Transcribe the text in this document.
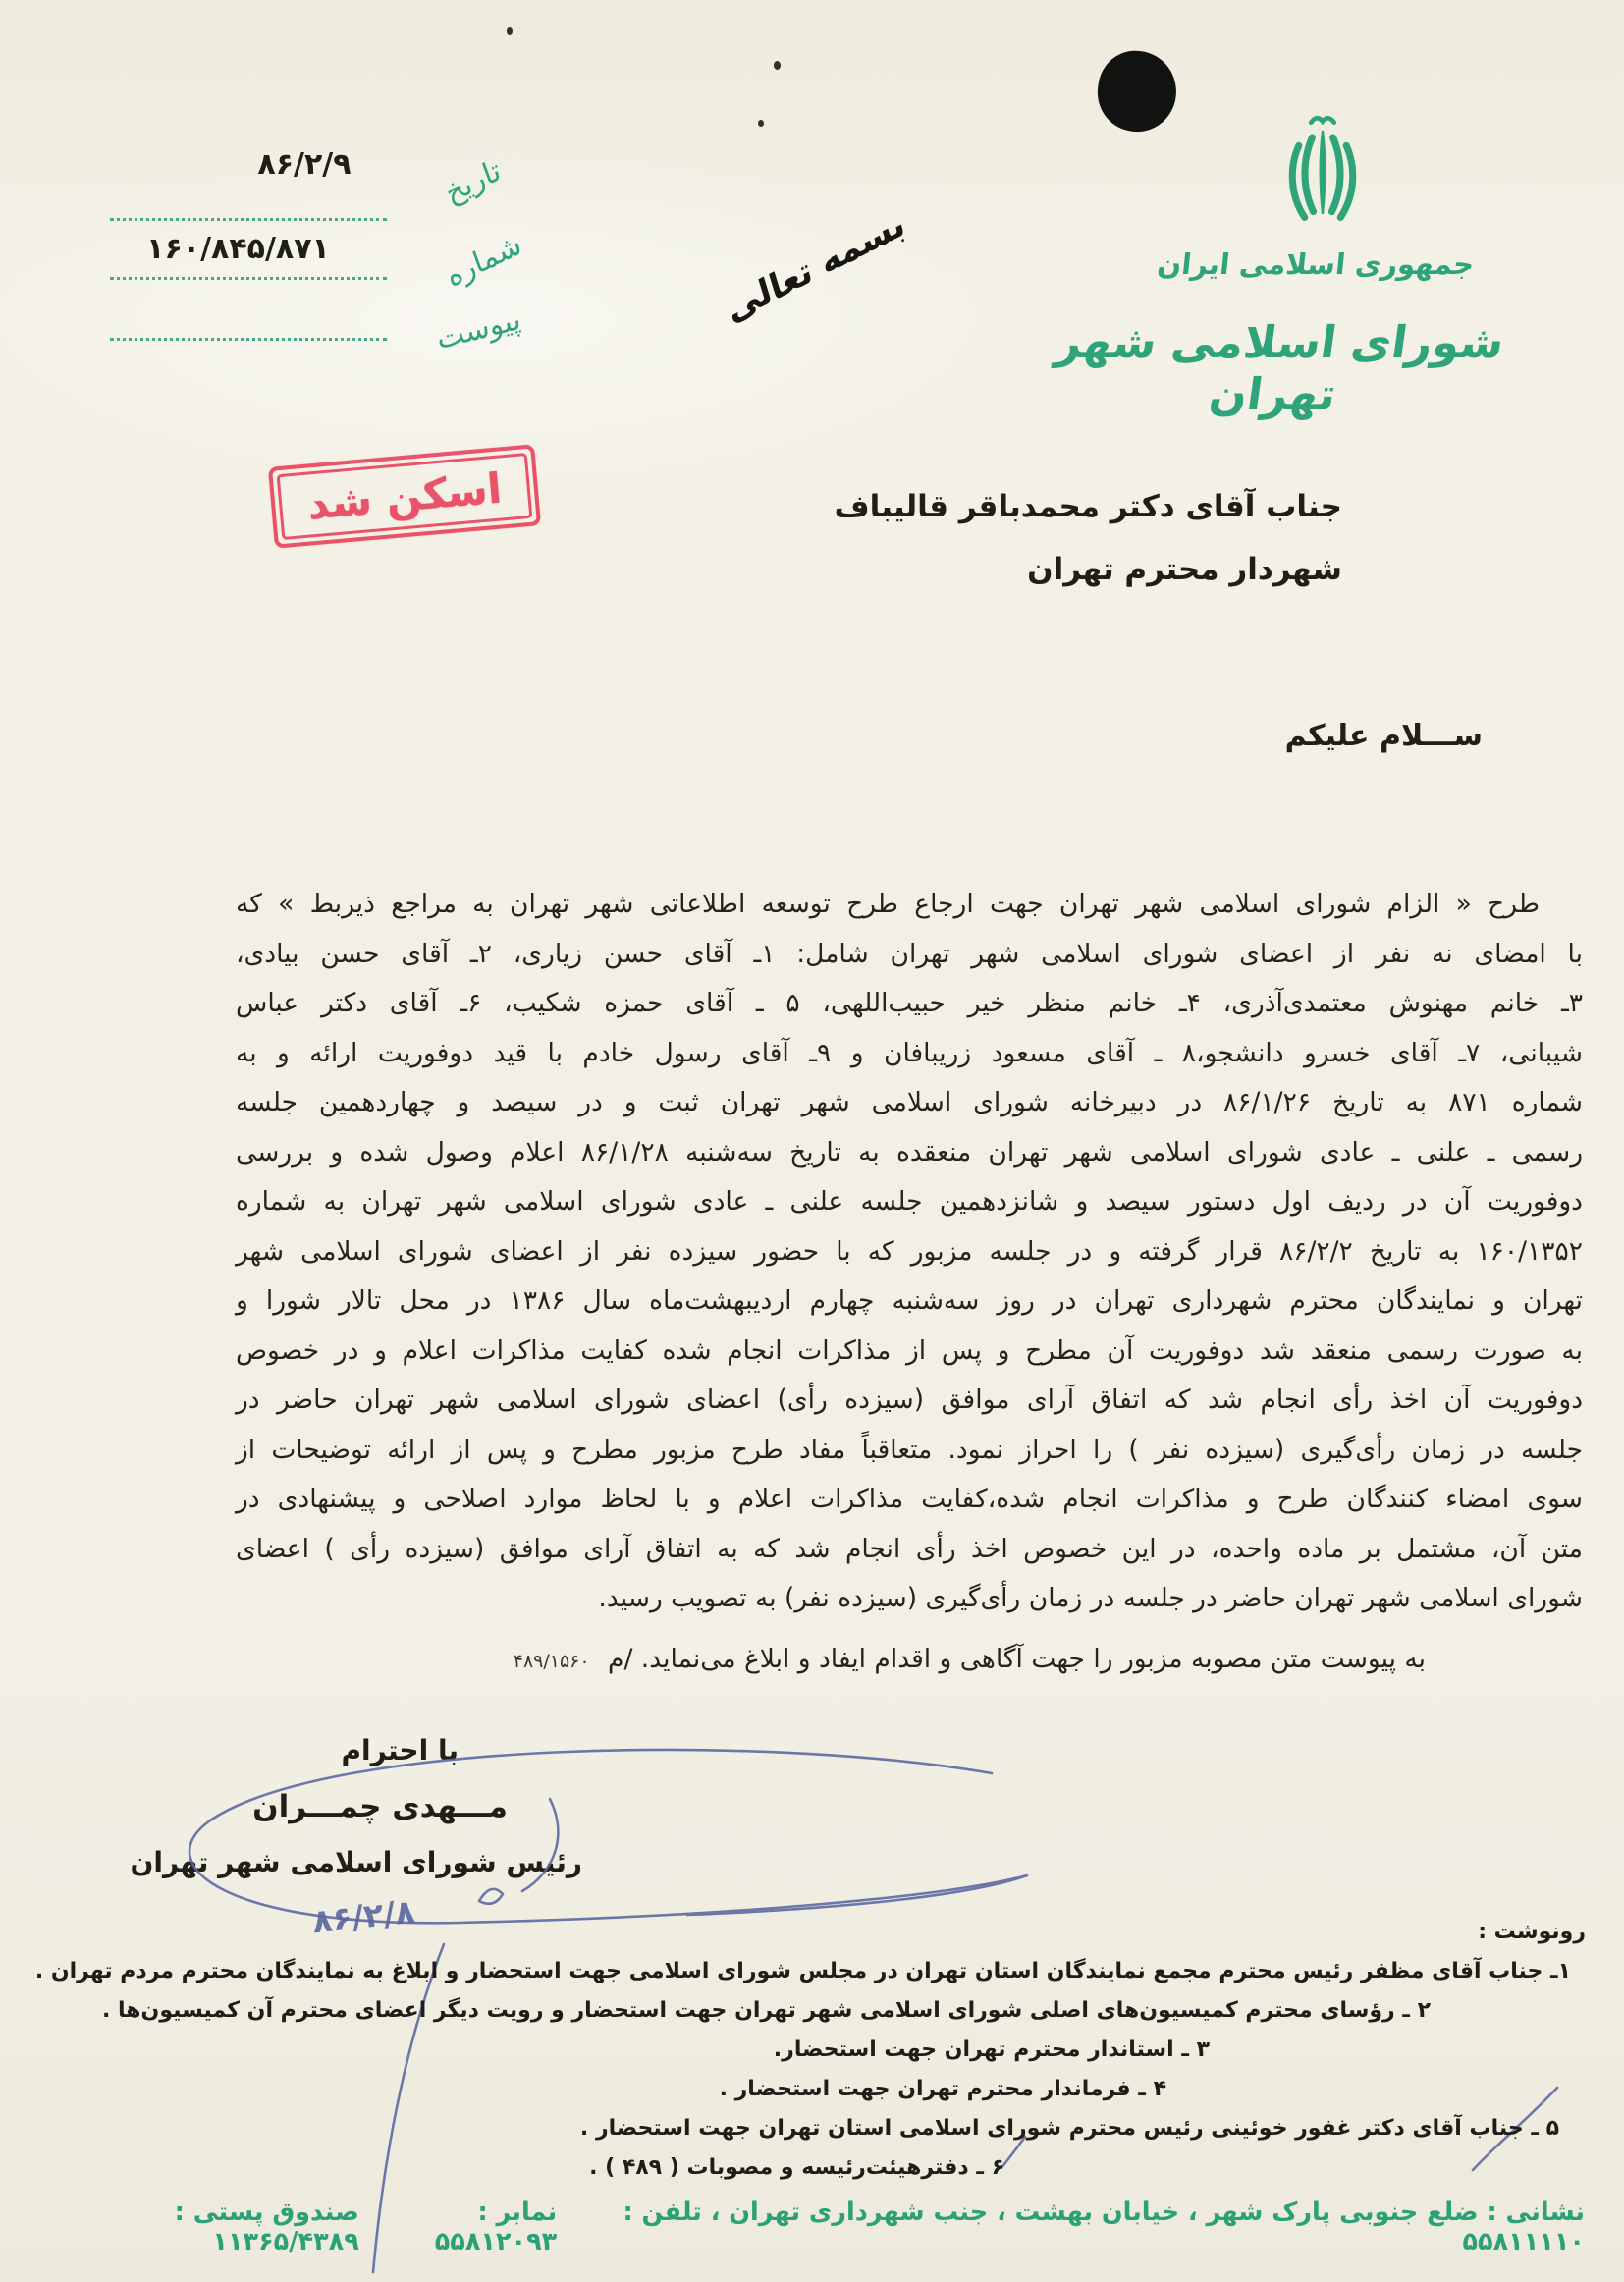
۸۶/۲/۹	تاریخ
۱۶۰/۸۴۵/۸۷۱	شماره
پیوست	بسمه تعالی	جمهوری اسلامی ایران
شورای اسلامی شهر تهران
اسکن شد	جناب آقای دکتر محمدباقر قالیباف
شهردار محترم تهران
ســـلام علیکم
طرح « الزام شورای اسلامی شهر تهران جهت ارجاع طرح توسعه اطلاعاتی شهر تهران به مراجع ذیربط » که
با امضای نه نفر از اعضای شورای اسلامی شهر تهران شامل: ۱ـ آقای حسن زیاری، ۲ـ آقای حسن بیادی،
۳ـ خانم مهنوش معتمدی‌آذری، ۴ـ خانم منظر خیر حبیب‌اللهی، ۵ ـ آقای حمزه شکیب، ۶ـ آقای دکتر عباس
شیبانی، ۷ـ آقای خسرو دانشجو،۸ ـ آقای مسعود زریبافان و ۹ـ آقای رسول خادم با قید دوفوریت ارائه و به
شماره ۸۷۱ به تاریخ ۸۶/۱/۲۶ در دبیرخانه شورای اسلامی شهر تهران ثبت و در سیصد و چهاردهمین جلسه
رسمی ـ علنی ـ عادی شورای اسلامی شهر تهران منعقده به تاریخ سه‌شنبه ۸۶/۱/۲۸ اعلام وصول شده و بررسی
دوفوریت آن در ردیف اول دستور سیصد و شانزدهمین جلسه علنی ـ عادی شورای اسلامی شهر تهران به شماره
۱۶۰/۱۳۵۲ به تاریخ ۸۶/۲/۲ قرار گرفته و در جلسه مزبور که با حضور سیزده نفر از اعضای شورای اسلامی شهر
تهران و نمایندگان محترم شهرداری تهران در روز سه‌شنبه چهارم اردیبهشت‌ماه سال ۱۳۸۶ در محل تالار شورا و
به صورت رسمی منعقد شد دوفوریت آن مطرح و پس از مذاکرات انجام شده کفایت مذاکرات اعلام و در خصوص
دوفوریت آن اخذ رأی انجام شد که اتفاق آرای موافق (سیزده رأی) اعضای شورای اسلامی شهر تهران حاضر در
جلسه در زمان رأی‌گیری (سیزده نفر ) را احراز نمود. متعاقباً مفاد طرح مزبور مطرح و پس از ارائه توضیحات از
سوی امضاء کنندگان طرح و مذاکرات انجام شده،کفایت مذاکرات اعلام و با لحاظ موارد اصلاحی و پیشنهادی در
متن آن، مشتمل بر ماده واحده، در این خصوص اخذ رأی انجام شد که به اتفاق آرای موافق (سیزده رأی ) اعضای
شورای اسلامی شهر تهران حاضر در جلسه در زمان رأی‌گیری (سیزده نفر) به تصویب رسید.
به پیوست متن مصوبه مزبور را جهت آگاهی و اقدام ایفاد و ابلاغ می‌نماید. /م ۴۸۹/۱۵۶۰
با احترام
مـــهدی چمـــران
رئیس شورای اسلامی شهر تهران
۸۶/۲/۸	رونوشت :
۱ـ جناب آقای مظفر رئیس محترم مجمع نمایندگان استان تهران در مجلس شورای اسلامی جهت استحضار و ابلاغ به نمایندگان محترم مردم تهران .
۲ ـ رؤسای محترم کمیسیون‌های اصلی شورای اسلامی شهر تهران جهت استحضار و رویت دیگر اعضای محترم آن کمیسیون‌ها .
۳ ـ استاندار محترم تهران جهت استحضار.
۴ ـ فرماندار محترم تهران جهت استحضار .
۵ ـ جناب آقای دکتر غفور خوئینی رئیس محترم شورای اسلامی استان تهران جهت استحضار .
۶ ـ دفترهیئت‌رئیسه و مصوبات ( ۴۸۹ ) .
نشانی : ضلع جنوبی پارک شهر ، خیابان بهشت ، جنب شهرداری تهران ، تلفن : ۵۵۸۱۱۱۱۰
نمابر : ۵۵۸۱۲۰۹۳
صندوق پستی : ۱۱۳۶۵/۴۳۸۹
